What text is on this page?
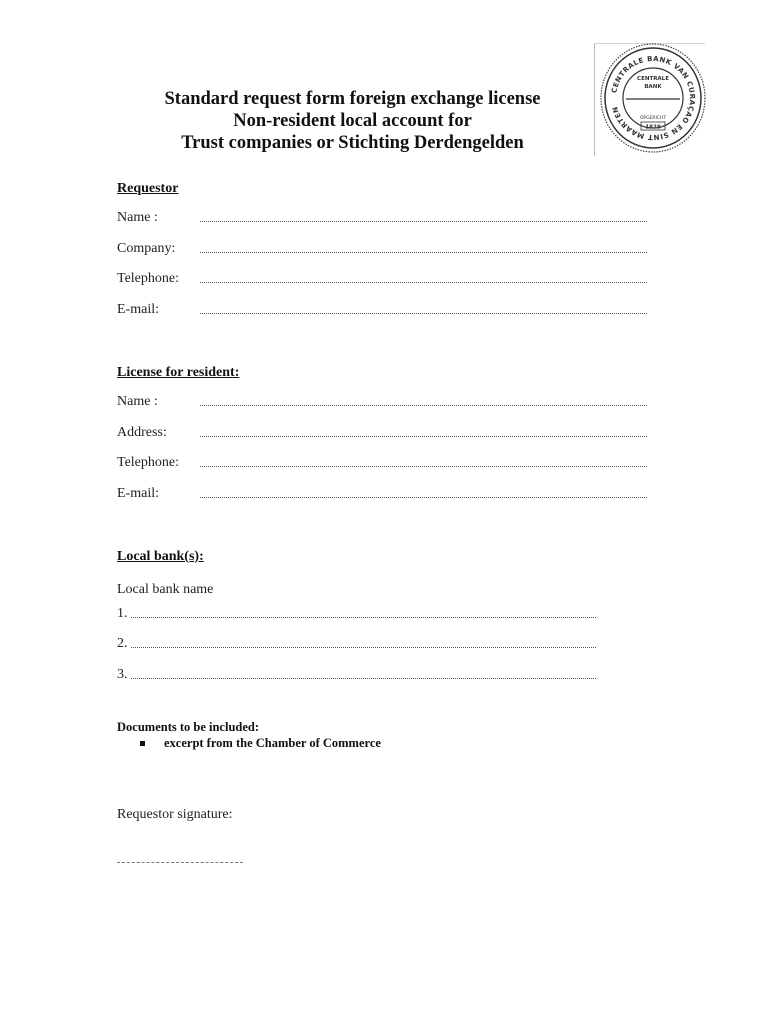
Standard request form foreign exchange license
Non-resident local account for
Trust companies or Stichting Derdengelden
CENTRALE BANK VAN CURAÇAO EN SINT MAARTEN
CENTRALE
BANK
OPGERICHT
1828
Requestor
Name :
Company:
Telephone:
E-mail:
License for resident:
Name :
Address:
Telephone:
E-mail:
Local bank(s):
Local bank name
1.
2.
3.
Documents to be included:
excerpt from the Chamber of Commerce
Requestor signature:
